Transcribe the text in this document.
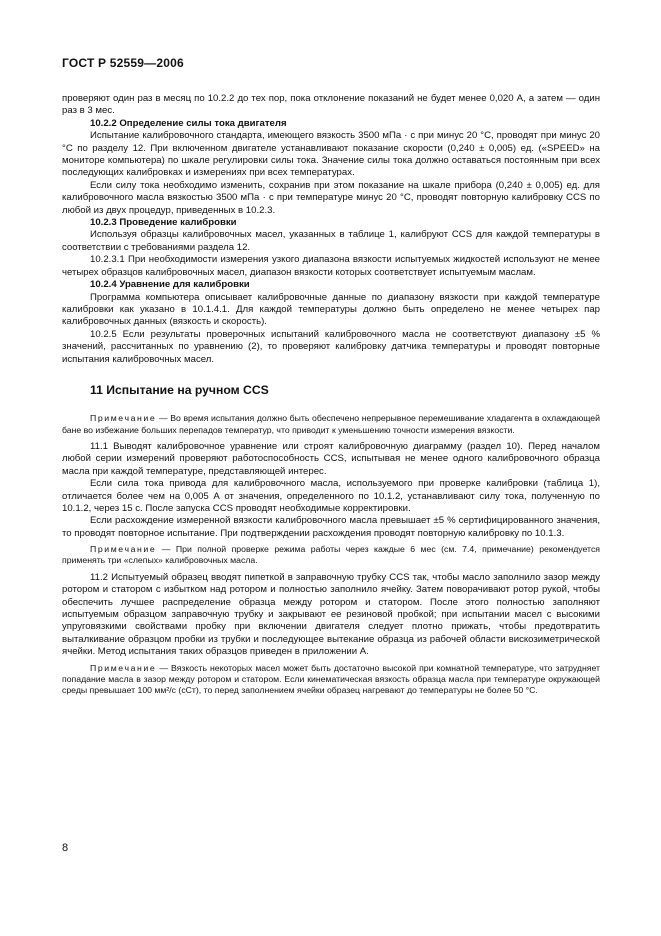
ГОСТ Р 52559—2006

проверяют один раз в месяц по 10.2.2 до тех пор, пока отклонение показаний не будет менее 0,020 А, а затем — один раз в 3 мес.

10.2.2 Определение силы тока двигателя

Испытание калибровочного стандарта, имеющего вязкость 3500 мПа · с при минус 20 °С, проводят при минус 20 °С по разделу 12. При включенном двигателе устанавливают показание скорости (0,240 ± 0,005) ед. («SPEED» на мониторе компьютера) по шкале регулировки силы тока. Значение силы тока должно оставаться постоянным при всех последующих калибровках и измерениях при всех температурах.

Если силу тока необходимо изменить, сохранив при этом показание на шкале прибора (0,240 ± 0,005) ед. для калибровочного масла вязкостью 3500 мПа · с при температуре минус 20 °С, проводят повторную калибровку CCS по любой из двух процедур, приведенных в 10.2.3.

10.2.3 Проведение калибровки

Используя образцы калибровочных масел, указанных в таблице 1, калибруют CCS для каждой температуры в соответствии с требованиями раздела 12.

10.2.3.1 При необходимости измерения узкого диапазона вязкости испытуемых жидкостей используют не менее четырех образцов калибровочных масел, диапазон вязкости которых соответствует испытуемым маслам.

10.2.4 Уравнение для калибровки

Программа компьютера описывает калибровочные данные по диапазону вязкости при каждой температуре калибровки как указано в 10.1.4.1. Для каждой температуры должно быть определено не менее четырех пар калибровочных данных (вязкость и скорость).

10.2.5 Если результаты проверочных испытаний калибровочного масла не соответствуют диапазону ±5 % значений, рассчитанных по уравнению (2), то проверяют калибровку датчика температуры и проводят повторные испытания калибровочных масел.

11 Испытание на ручном CCS

Примечание — Во время испытания должно быть обеспечено непрерывное перемешивание хладагента в охлаждающей бане во избежание больших перепадов температур, что приводит к уменьшению точности измерения вязкости.

11.1 Выводят калибровочное уравнение или строят калибровочную диаграмму (раздел 10). Перед началом любой серии измерений проверяют работоспособность CCS, испытывая не менее одного калибровочного образца масла при каждой температуре, представляющей интерес.

Если сила тока привода для калибровочного масла, используемого при проверке калибровки (таблица 1), отличается более чем на 0,005 А от значения, определенного по 10.1.2, устанавливают силу тока, полученную по 10.1.2, через 15 с. После запуска CCS проводят необходимые корректировки.

Если расхождение измеренной вязкости калибровочного масла превышает ±5 % сертифицированного значения, то проводят повторное испытание. При подтверждении расхождения проводят повторную калибровку по 10.1.3.

Примечание — При полной проверке режима работы через каждые 6 мес (см. 7.4, примечание) рекомендуется применять три «слепых» калибровочных масла.

11.2 Испытуемый образец вводят пипеткой в заправочную трубку CCS так, чтобы масло заполнило зазор между ротором и статором с избытком над ротором и полностью заполнило ячейку. Затем поворачивают ротор рукой, чтобы обеспечить лучшее распределение образца между ротором и статором. После этого полностью заполняют испытуемым образцом заправочную трубку и закрывают ее резиновой пробкой; при испытании масел с высокими упруговязкими свойствами пробку при включении двигателя следует плотно прижать, чтобы предотвратить выталкивание образцом пробки из трубки и последующее вытекание образца из рабочей области вискозиметрической ячейки. Метод испытания таких образцов приведен в приложении А.

Примечание — Вязкость некоторых масел может быть достаточно высокой при комнатной температуре, что затрудняет попадание масла в зазор между ротором и статором. Если кинематическая вязкость образца масла при температуре окружающей среды превышает 100 мм²/с (сСт), то перед заполнением ячейки образец нагревают до температуры не более 50 °С.

8
